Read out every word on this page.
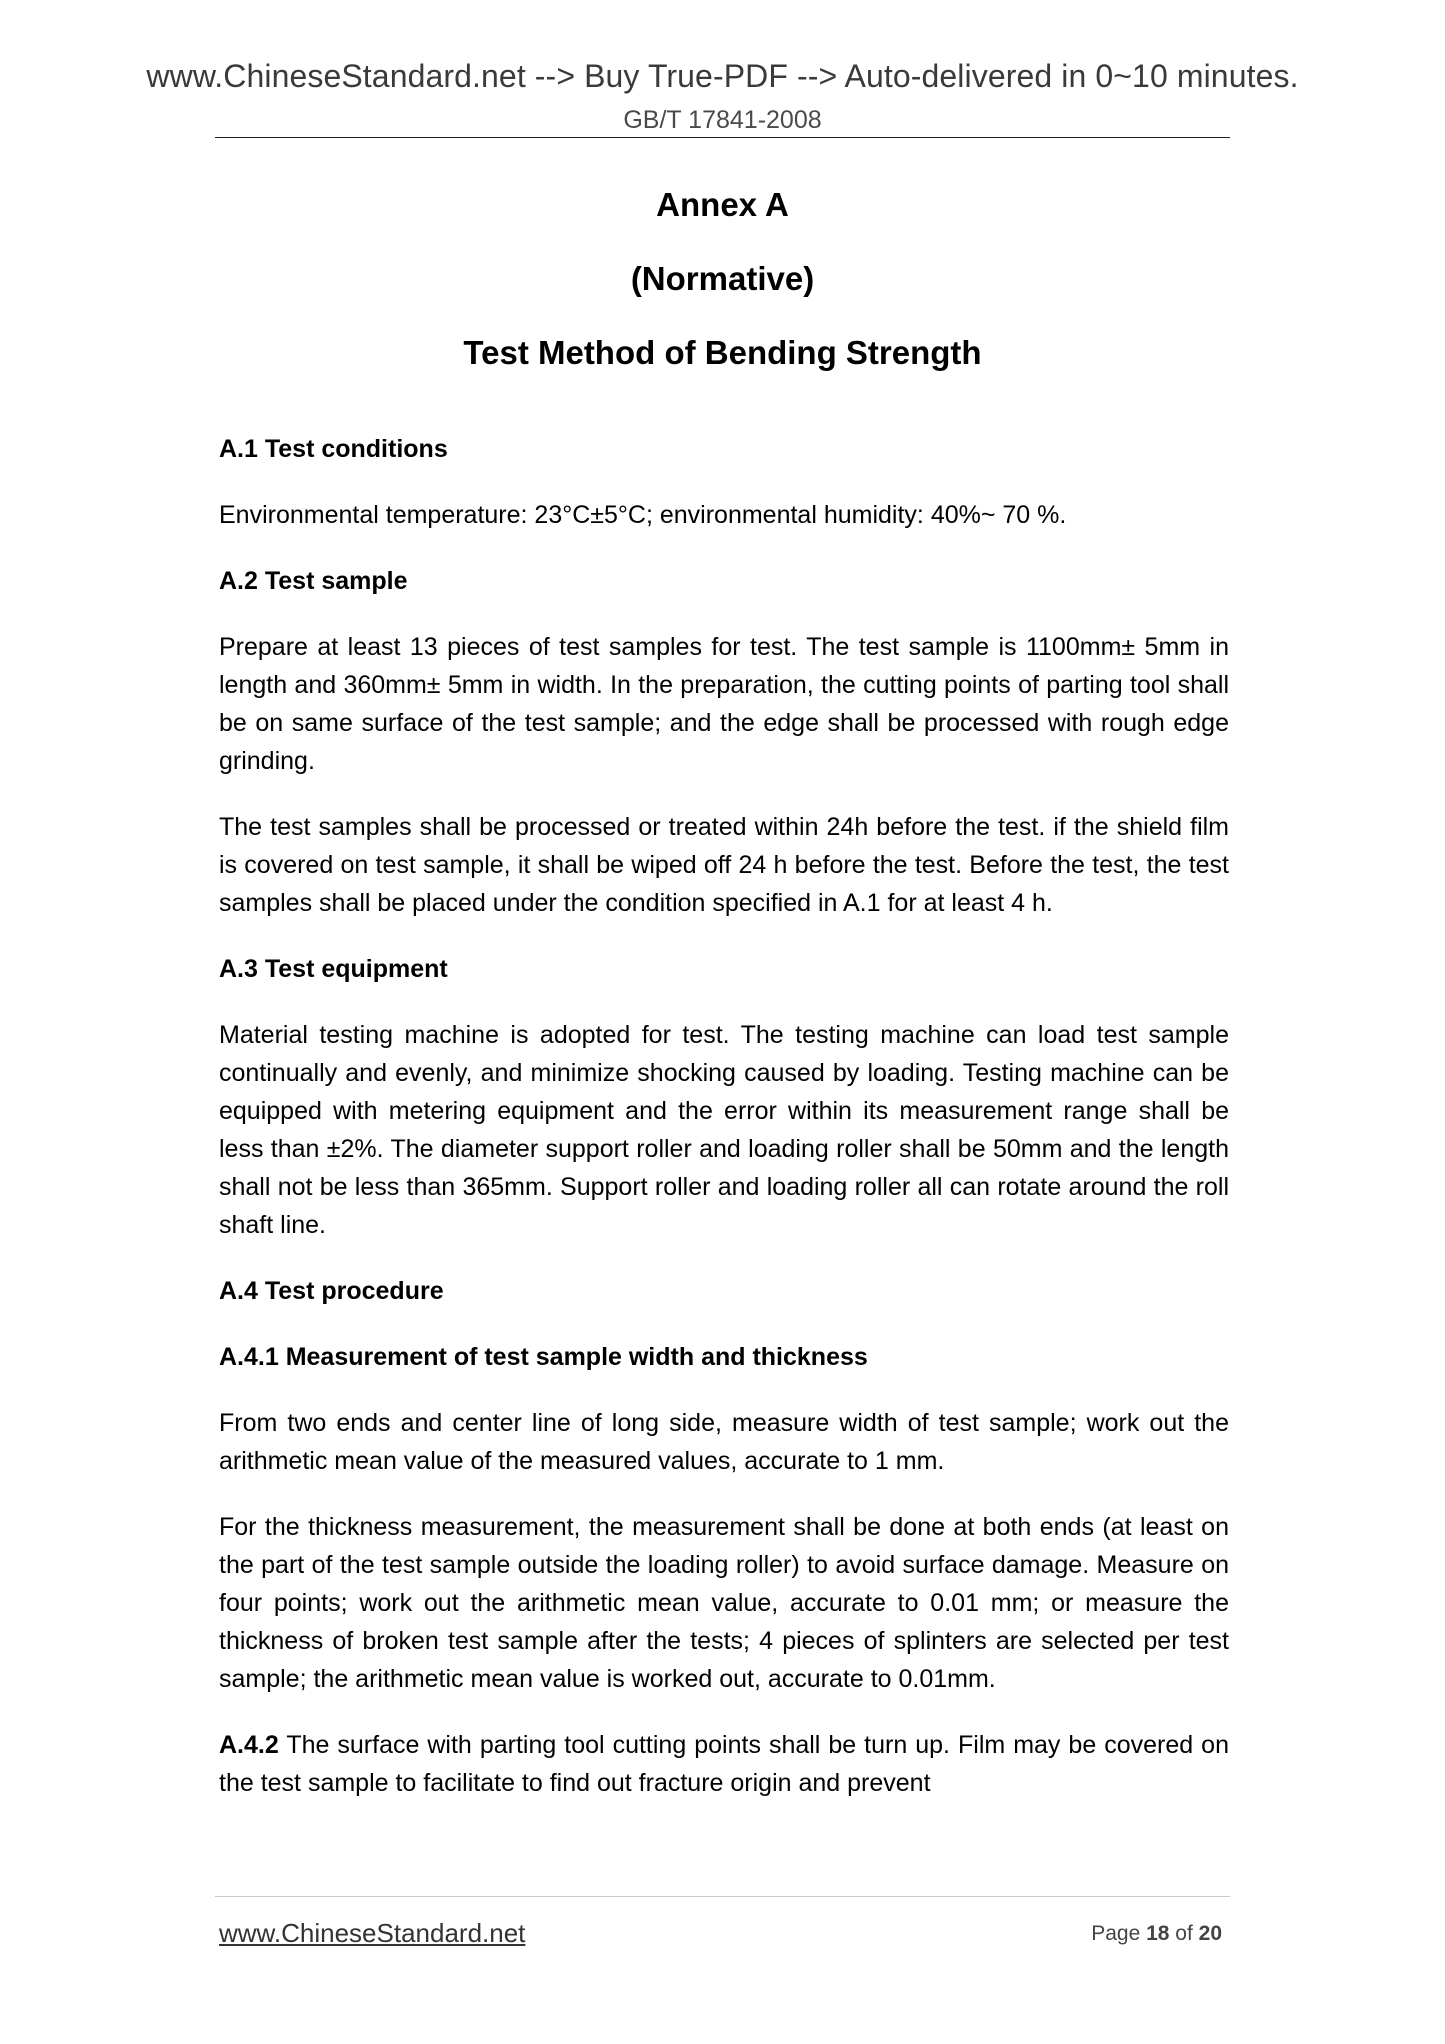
www.ChineseStandard.net --> Buy True-PDF --> Auto-delivered in 0~10 minutes.
GB/T 17841-2008
Annex A
(Normative)
Test Method of Bending Strength
A.1 Test conditions

Environmental temperature: 23°C±5°C; environmental humidity: 40%~ 70 %.

A.2 Test sample

Prepare at least 13 pieces of test samples for test. The test sample is 1100mm± 5mm in length and 360mm± 5mm in width. In the preparation, the cutting points of parting tool shall be on same surface of the test sample; and the edge shall be processed with rough edge grinding.

The test samples shall be processed or treated within 24h before the test. if the shield film is covered on test sample, it shall be wiped off 24 h before the test. Before the test, the test samples shall be placed under the condition specified in A.1 for at least 4 h.

A.3 Test equipment

Material testing machine is adopted for test. The testing machine can load test sample continually and evenly, and minimize shocking caused by loading. Testing machine can be equipped with metering equipment and the error within its measurement range shall be less than ±2%. The diameter support roller and loading roller shall be 50mm and the length shall not be less than 365mm. Support roller and loading roller all can rotate around the roll shaft line.

A.4 Test procedure
A.4.1 Measurement of test sample width and thickness

From two ends and center line of long side, measure width of test sample; work out the arithmetic mean value of the measured values, accurate to 1 mm.

For the thickness measurement, the measurement shall be done at both ends (at least on the part of the test sample outside the loading roller) to avoid surface damage. Measure on four points; work out the arithmetic mean value, accurate to 0.01 mm; or measure the thickness of broken test sample after the tests; 4 pieces of splinters are selected per test sample; the arithmetic mean value is worked out, accurate to 0.01mm.

A.4.2 The surface with parting tool cutting points shall be turn up. Film may be covered on the test sample to facilitate to find out fracture origin and prevent

www.ChineseStandard.net	Page 18 of 20
